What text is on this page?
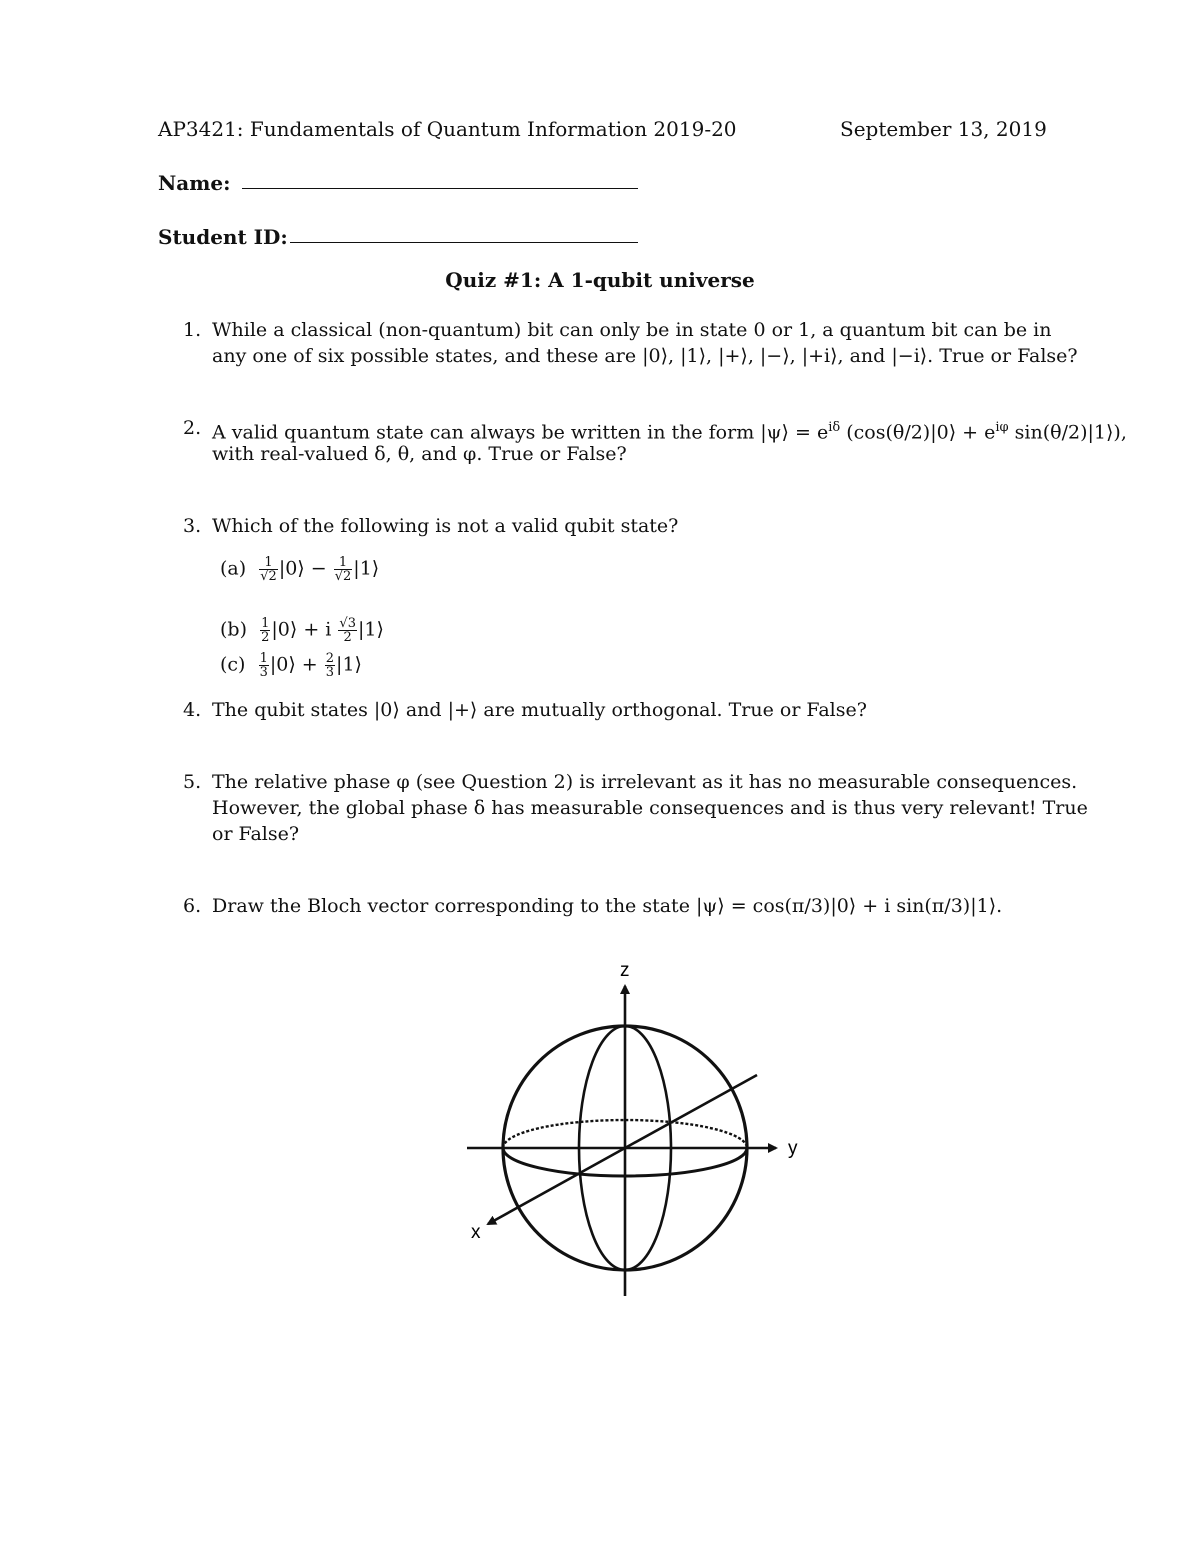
AP3421: Fundamentals of Quantum Information 2019-20	September 13, 2019
Name:
Student ID:
Quiz #1: A 1-qubit universe
1. While a classical (non-quantum) bit can only be in state 0 or 1, a quantum bit can be in
any one of six possible states, and these are |0⟩, |1⟩, |+⟩, |−⟩, |+i⟩, and |−i⟩. True or False?
2. A valid quantum state can always be written in the form |ψ⟩ = $e^{i\delta}$ (cos(θ/2)|0⟩ + $e^{i\varphi}$ sin(θ/2)|1⟩),
with real-valued δ, θ, and φ. True or False?
3. Which of the following is not a valid qubit state?
$(a) \frac{1}{√2}$ |0⟩ − $\frac{1}{√2}$ |1⟩
$(b) \frac{1}{2}$ |0⟩ + i $\frac{√3}{2}$ |1⟩
$(c) \frac{1}{3}$ |0⟩ + $\frac{2}{3}$ |1⟩
4. The qubit states |0⟩ and |+⟩ are mutually orthogonal. True or False?
5. The relative phase φ (see Question 2) is irrelevant as it has no measurable consequences.
However, the global phase δ has measurable consequences and is thus very relevant! True
or False?
6. Draw the Bloch vector corresponding to the state |ψ⟩ = cos(π/3)|0⟩ + i sin(π/3)|1⟩.
z
y
x
